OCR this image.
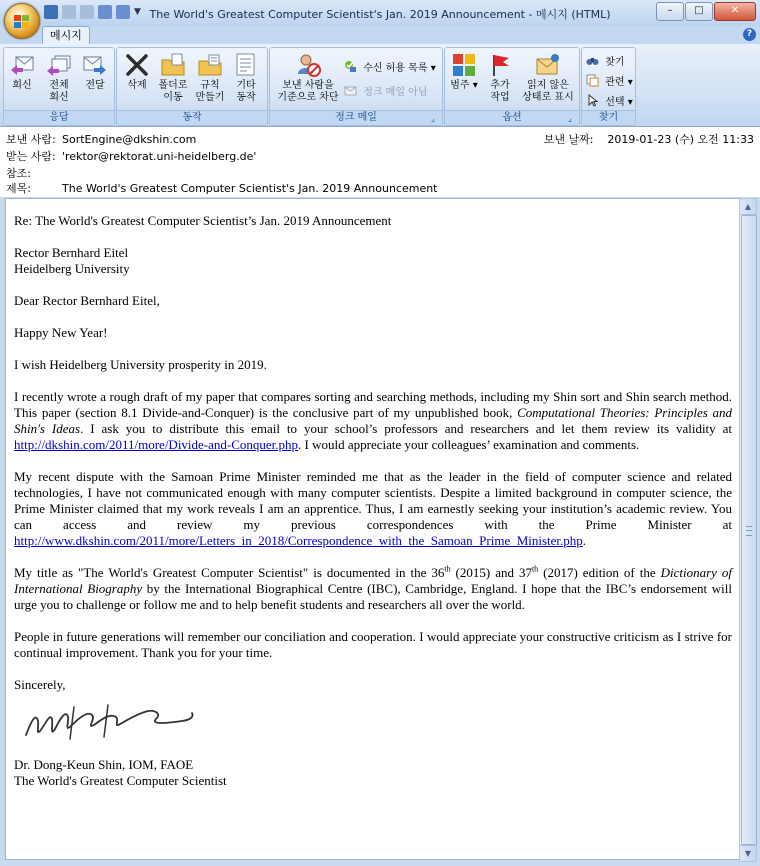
▼ The World's Greatest Computer Scientist's Jan. 2019 Announcement - 메시지 (HTML)	–	□	✕
메시지	?
회신	전체
회신
전달
응답
삭제	폴더로
이동
규칙
만들기
기타
동작
동작
보낸 사람을
기준으로 차단
수신 허용 목록 ▾
정크 메일 아님
정크 메일	⌟
범주 ▾	추가
작업
읽지 않은
상태로 표시
옵션	⌟
찾기
관련 ▾
선택 ▾
찾기
보낸 사람: SortEngine@dkshin.com
받는 사람: 'rektor@rektorat.uni-heidelberg.de'
참조:
제목:	The World's Greatest Computer Scientist's Jan. 2019 Announcement
보낸 날짜: 2019-01-23 (수) 오전 11:33

Re: The World's Greatest Computer Scientist’s Jan. 2019 Announcement

Rector Bernhard Eitel
Heidelberg University

Dear Rector Bernhard Eitel,

Happy New Year!

I wish Heidelberg University prosperity in 2019.

I recently wrote a rough draft of my paper that compares sorting and searching methods, including my Shin sort and Shin search method. This paper (section 8.1 Divide-and-Conquer) is the conclusive part of my unpublished book, Computational Theories: Principles and Shin's Ideas. I ask you to distribute this email to your school’s professors and researchers and let them review its validity at http://dkshin.com/2011/more/Divide-and-Conquer.php. I would appreciate your colleagues’ examination and comments.

My recent dispute with the Samoan Prime Minister reminded me that as the leader in the field of computer science and related technologies, I have not communicated enough with many computer scientists. Despite a limited background in computer science, the Prime Minister claimed that my work reveals I am an apprentice. Thus, I am earnestly seeking your institution’s academic review. You can access and review my previous correspondences with the Prime Minister at http://www.dkshin.com/2011/more/Letters_in_2018/Correspondence_with_the_Samoan_Prime_Minister.php.

My title as "The World's Greatest Computer Scientist" is documented in the 36th (2015) and 37th (2017) edition of the Dictionary of International Biography by the International Biographical Centre (IBC), Cambridge, England. I hope that the IBC’s endorsement will urge you to challenge or follow me and to help benefit students and researchers all over the world.

People in future generations will remember our conciliation and cooperation. I would appreciate your constructive criticism as I strive for continual improvement. Thank you for your time.

Sincerely,

Dr. Dong-Keun Shin, IOM, FAOE
The World's Greatest Computer Scientist

▲
▼
